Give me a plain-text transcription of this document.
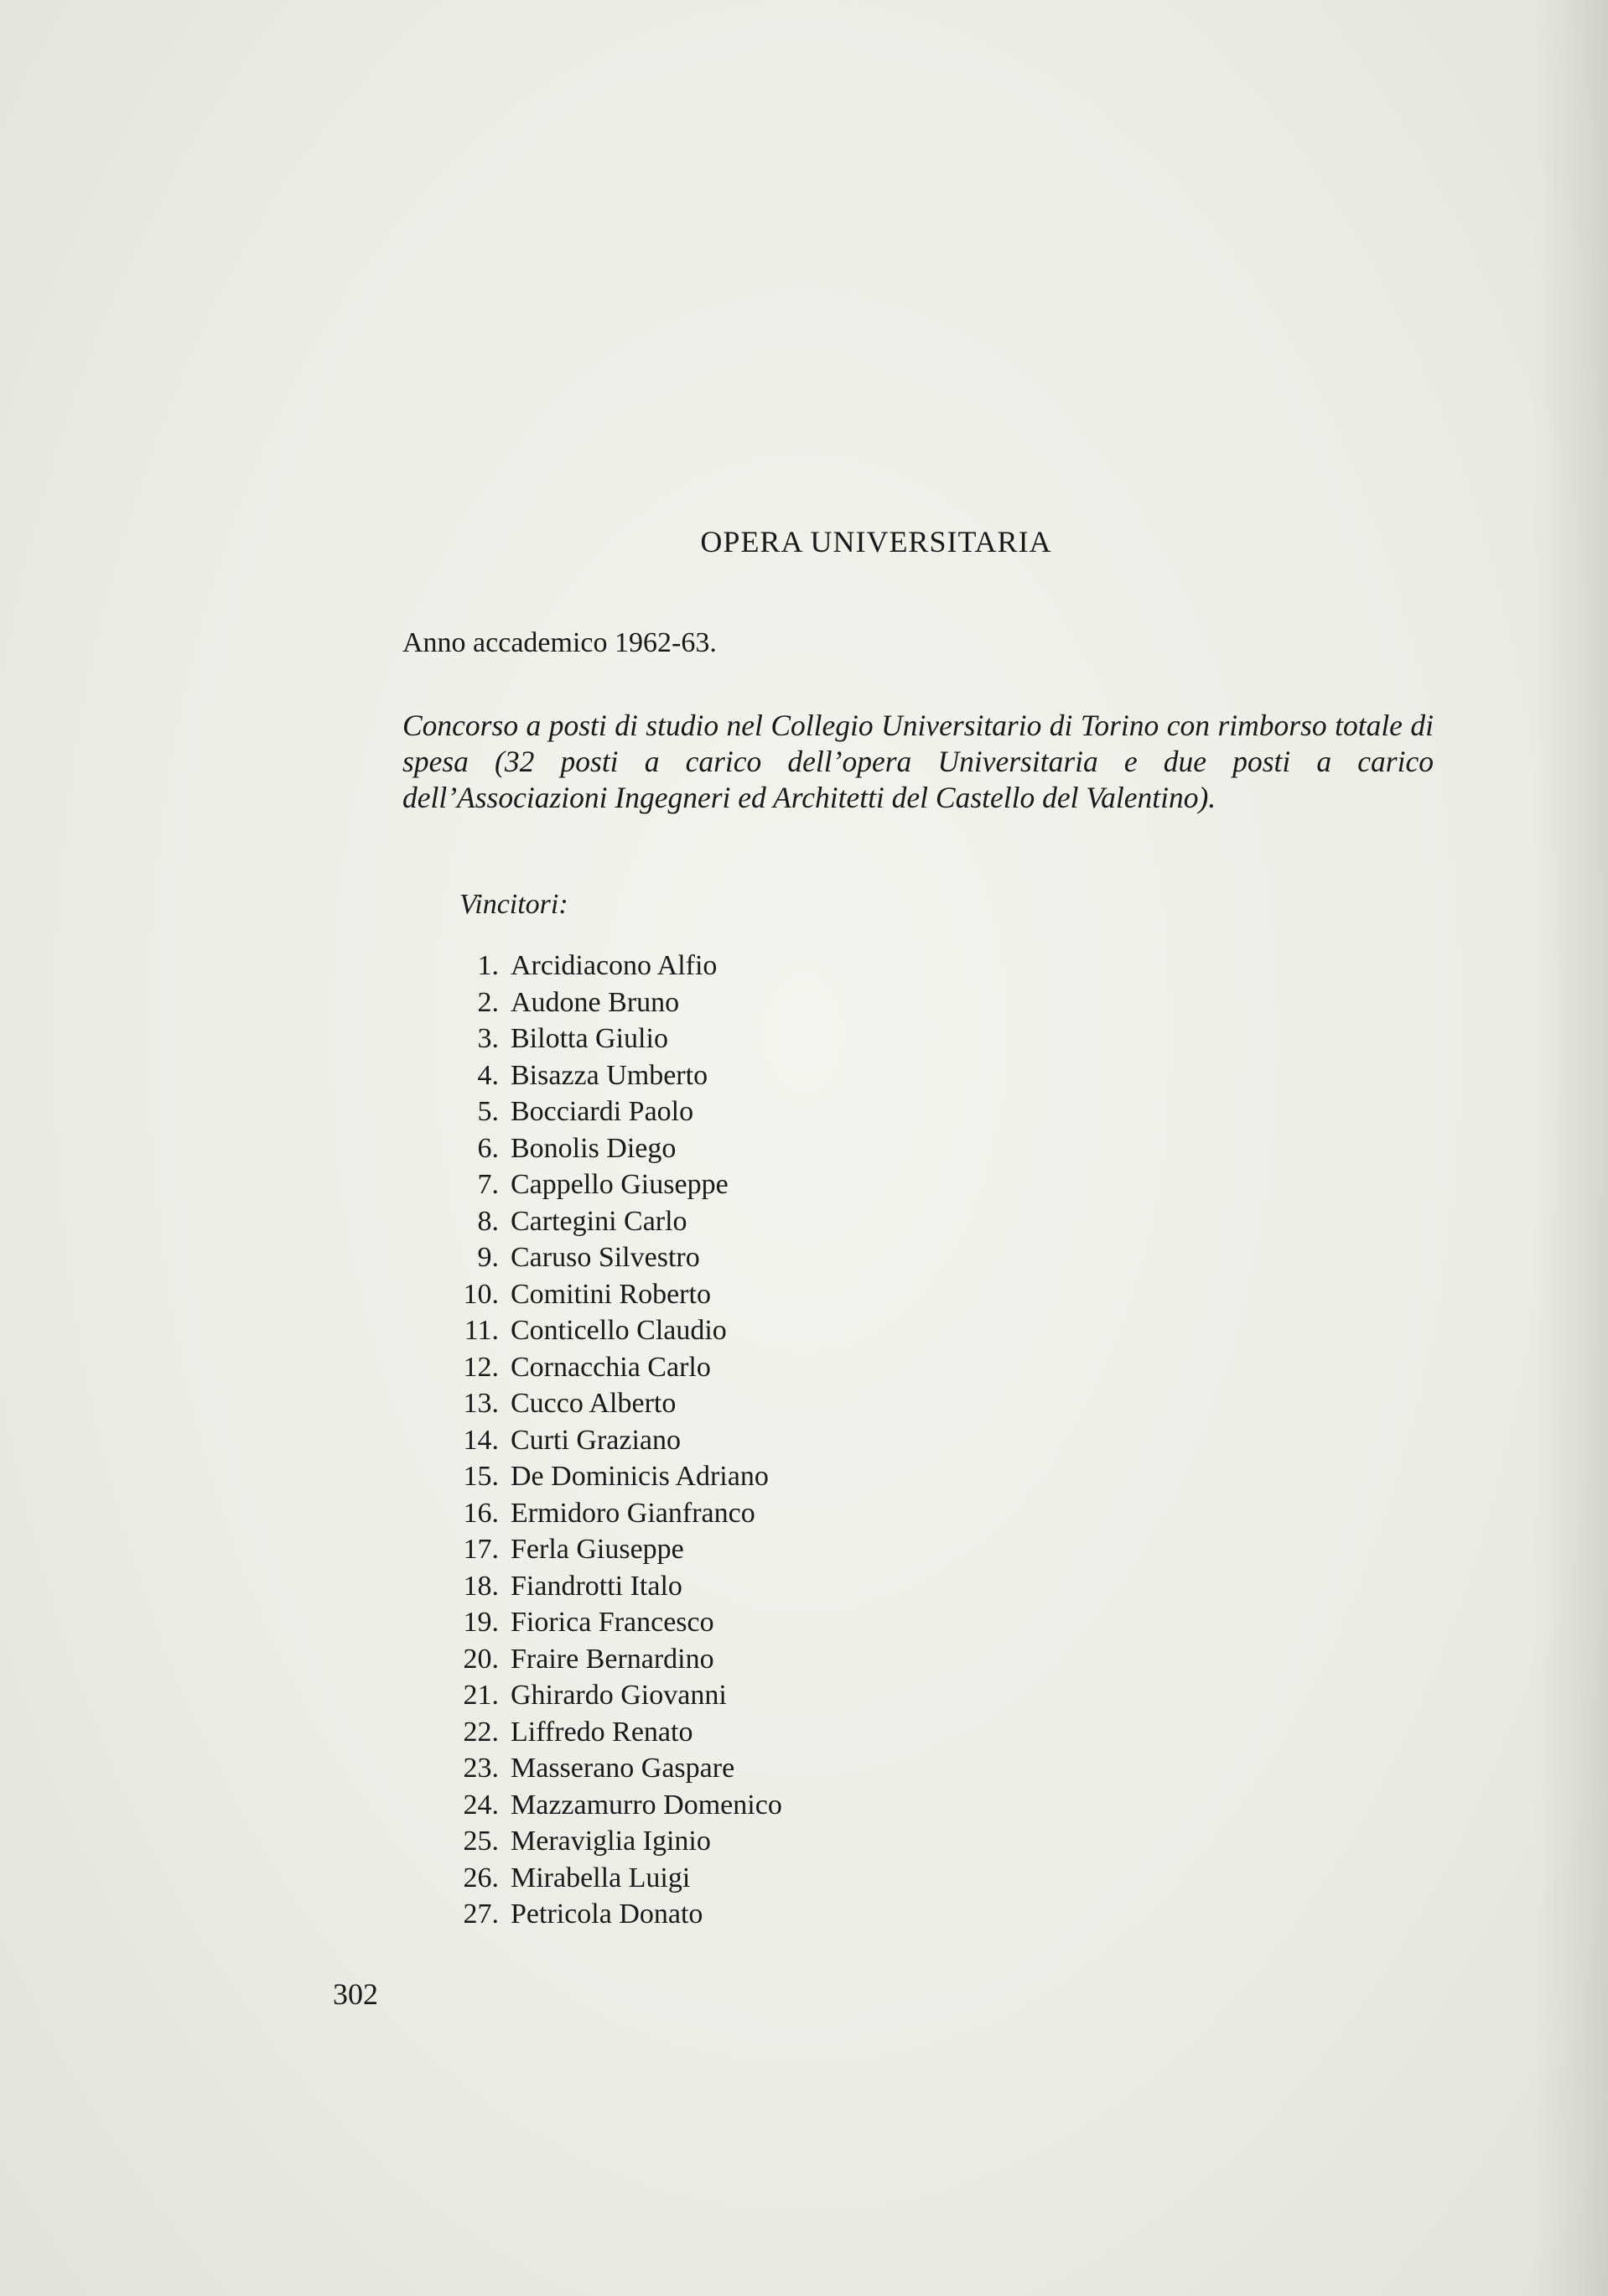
OPERA UNIVERSITARIA

Anno accademico 1962-63.

Concorso a posti di studio nel Collegio Universitario di Torino con rimborso totale di spesa (32 posti a carico dell’opera Universitaria e due posti a carico dell’Associazioni Ingegneri ed Architetti del Castello del Valentino).

Vincitori:

1. Arcidiacono Alfio
2. Audone Bruno
3. Bilotta Giulio
4. Bisazza Umberto
5. Bocciardi Paolo
6. Bonolis Diego
7. Cappello Giuseppe
8. Cartegini Carlo
9. Caruso Silvestro
10. Comitini Roberto
11. Conticello Claudio
12. Cornacchia Carlo
13. Cucco Alberto
14. Curti Graziano
15. De Dominicis Adriano
16. Ermidoro Gianfranco
17. Ferla Giuseppe
18. Fiandrotti Italo
19. Fiorica Francesco
20. Fraire Bernardino
21. Ghirardo Giovanni
22. Liffredo Renato
23. Masserano Gaspare
24. Mazzamurro Domenico
25. Meraviglia Iginio
26. Mirabella Luigi
27. Petricola Donato

302
